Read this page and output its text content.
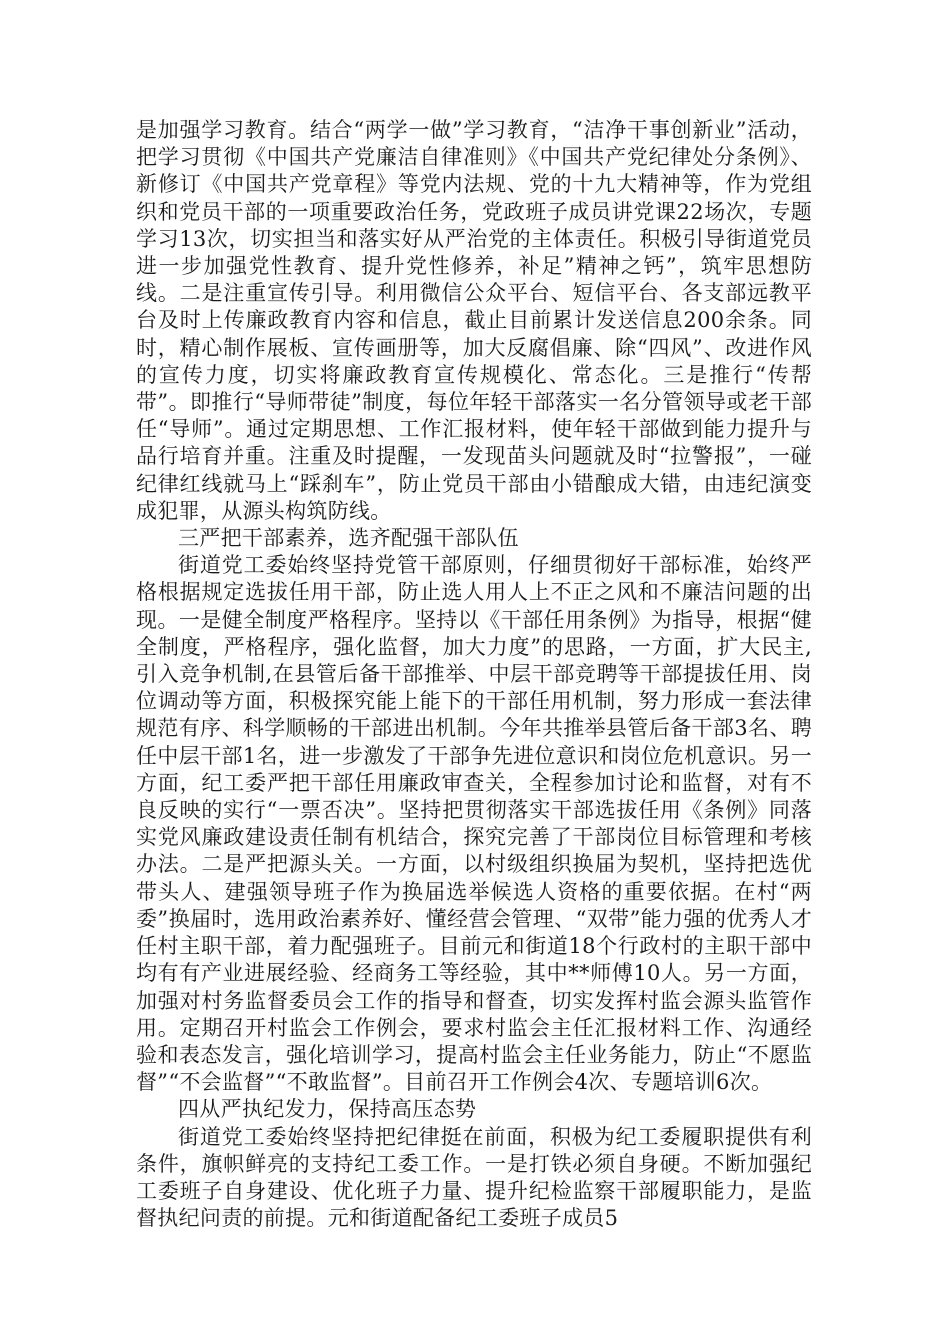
是加强学习教育。结合“两学一做”学习教育，“洁净干事创新业”活动，把学习贯彻《中国共产党廉洁自律准则》《中国共产党纪律处分条例》、新修订《中国共产党章程》等党内法规、党的十九大精神等，作为党组织和党员干部的一项重要政治任务，党政班子成员讲党课22场次，专题学习13次，切实担当和落实好从严治党的主体责任。积极引导街道党员进一步加强党性教育、提升党性修养，补足”精神之钙”，筑牢思想防线。二是注重宣传引导。利用微信公众平台、短信平台、各支部远教平台及时上传廉政教育内容和信息，截止目前累计发送信息200余条。同时，精心制作展板、宣传画册等，加大反腐倡廉、除“四风”、改进作风的宣传力度，切实将廉政教育宣传规模化、常态化。三是推行“传帮带”。即推行“导师带徒”制度，每位年轻干部落实一名分管领导或老干部任“导师”。通过定期思想、工作汇报材料，使年轻干部做到能力提升与品行培育并重。注重及时提醒，一发现苗头问题就及时“拉警报”，一碰纪律红线就马上“踩刹车”，防止党员干部由小错酿成大错，由违纪演变成犯罪，从源头构筑防线。

三严把干部素养，选齐配强干部队伍

街道党工委始终坚持党管干部原则，仔细贯彻好干部标准，始终严格根据规定选拔任用干部，防止选人用人上不正之风和不廉洁问题的出现。一是健全制度严格程序。坚持以《干部任用条例》为指导，根据“健全制度，严格程序，强化监督，加大力度”的思路，一方面，扩大民主,引入竞争机制,在县管后备干部推举、中层干部竞聘等干部提拔任用、岗位调动等方面，积极探究能上能下的干部任用机制，努力形成一套法律规范有序、科学顺畅的干部进出机制。今年共推举县管后备干部3名、聘任中层干部1名，进一步激发了干部争先进位意识和岗位危机意识。另一方面，纪工委严把干部任用廉政审查关，全程参加讨论和监督，对有不良反映的实行“一票否决”。坚持把贯彻落实干部选拔任用《条例》同落实党风廉政建设责任制有机结合，探究完善了干部岗位目标管理和考核办法。二是严把源头关。一方面，以村级组织换届为契机，坚持把选优带头人、建强领导班子作为换届选举候选人资格的重要依据。在村“两委”换届时，选用政治素养好、懂经营会管理、“双带”能力强的优秀人才任村主职干部，着力配强班子。目前元和街道18个行政村的主职干部中均有有产业进展经验、经商务工等经验，其中**师傅10人。另一方面，加强对村务监督委员会工作的指导和督查，切实发挥村监会源头监管作用。定期召开村监会工作例会，要求村监会主任汇报材料工作、沟通经验和表态发言，强化培训学习，提高村监会主任业务能力，防止“不愿监督”“不会监督”“不敢监督”。目前召开工作例会4次、专题培训6次。

四从严执纪发力，保持高压态势

街道党工委始终坚持把纪律挺在前面，积极为纪工委履职提供有利条件，旗帜鲜亮的支持纪工委工作。一是打铁必须自身硬。不断加强纪工委班子自身建设、优化班子力量、提升纪检监察干部履职能力，是监督执纪问责的前提。元和街道配备纪工委班子成员5
